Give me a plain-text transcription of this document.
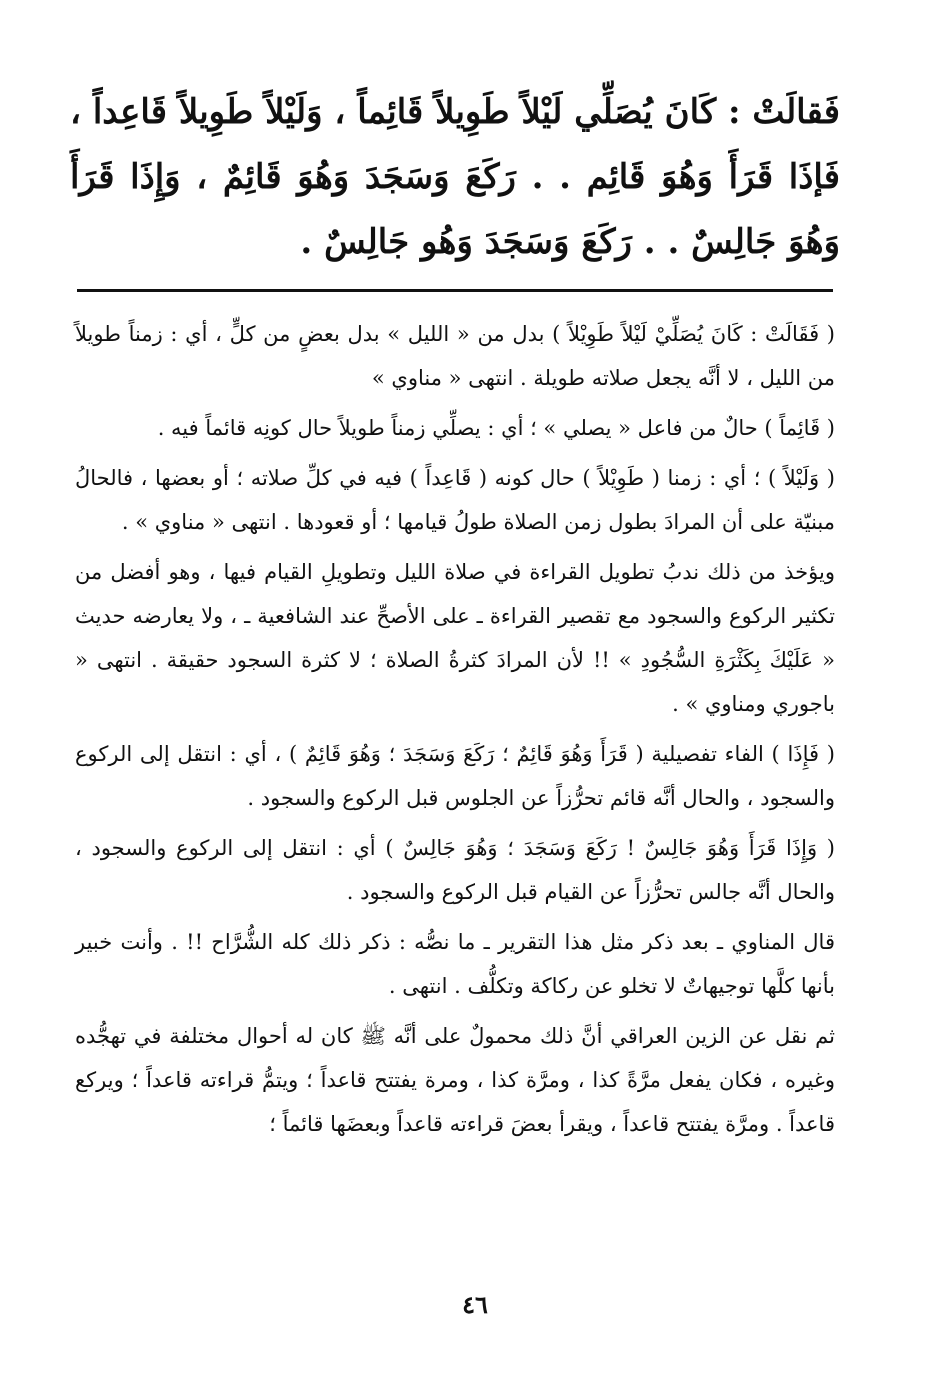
فَقالَتْ : كَانَ يُصَلِّي لَيْلاً طَوِيلاً قَائِماً ، وَلَيْلاً طَوِيلاً قَاعِداً ، فَإذَا قَرَأَ وَهُوَ قَائِم . . رَكَعَ وَسَجَدَ وَهُوَ قَائِمٌ ، وَإِذَا قَرَأَ وَهُوَ جَالِسٌ . . رَكَعَ وَسَجَدَ وَهُو جَالِسٌ .

( فَقَالَتْ : كَانَ يُصَلِّيْ لَيْلاً طَوِيْلاً ) بدل من « الليل » بدل بعضٍ من كلٍّ ، أي : زمناً طويلاً من الليل ، لا أنَّه يجعل صلاته طويلة . انتهى « مناوي »

( قَائِماً ) حالٌ من فاعل « يصلي » ؛ أي : يصلِّي زمناً طويلاً حال كونِه قائماً فيه .

( وَلَيْلاً ) ؛ أي : زمنا ( طَوِيْلاً ) حال كونه ( قَاعِداً ) فيه في كلِّ صلاته ؛ أو بعضها ، فالحالُ مبنيّة على أن المرادَ بطول زمن الصلاة طولُ قيامها ؛ أو قعودها . انتهى « مناوي » .

ويؤخذ من ذلك ندبُ تطويل القراءة في صلاة الليل وتطويلِ القيام فيها ، وهو أفضل من تكثير الركوع والسجود مع تقصير القراءة ـ على الأصحِّ عند الشافعية ـ ، ولا يعارضه حديث « عَلَيْكَ بِكَثْرَةِ السُّجُودِ » !! لأن المرادَ كثرةُ الصلاة ؛ لا كثرة السجود حقيقة . انتهى « باجوري ومناوي » .

( فَإِذَا ) الفاء تفصيلية ( قَرَأَ وَهُوَ قَائِمٌ ؛ رَكَعَ وَسَجَدَ ؛ وَهُوَ قَائِمٌ ) ، أي : انتقل إلى الركوع والسجود ، والحال أنَّه قائم تحرُّزاً عن الجلوس قبل الركوع والسجود .

( وَإِذَا قَرَأَ وَهُوَ جَالِسٌ ! رَكَعَ وَسَجَدَ ؛ وَهُوَ جَالِسٌ ) أي : انتقل إلى الركوع والسجود ، والحال أنَّه جالس تحرُّزاً عن القيام قبل الركوع والسجود .

قال المناوي ـ بعد ذكر مثل هذا التقرير ـ ما نصُّه : ذكر ذلك كله الشُّرَّاح !! . وأنت خبير بأنها كلَّها توجيهاتٌ لا تخلو عن ركاكة وتكلُّف . انتهى .

ثم نقل عن الزين العراقي أنَّ ذلك محمولٌ على أنَّه ﷺ كان له أحوال مختلفة في تهجُّده وغيره ، فكان يفعل مرَّةً كذا ، ومرَّة كذا ، ومرة يفتتح قاعداً ؛ ويتمُّ قراءته قاعداً ؛ ويركع قاعداً . ومرَّة يفتتح قاعداً ، ويقرأ بعضَ قراءته قاعداً وبعضَها قائماً ؛

٤٦
